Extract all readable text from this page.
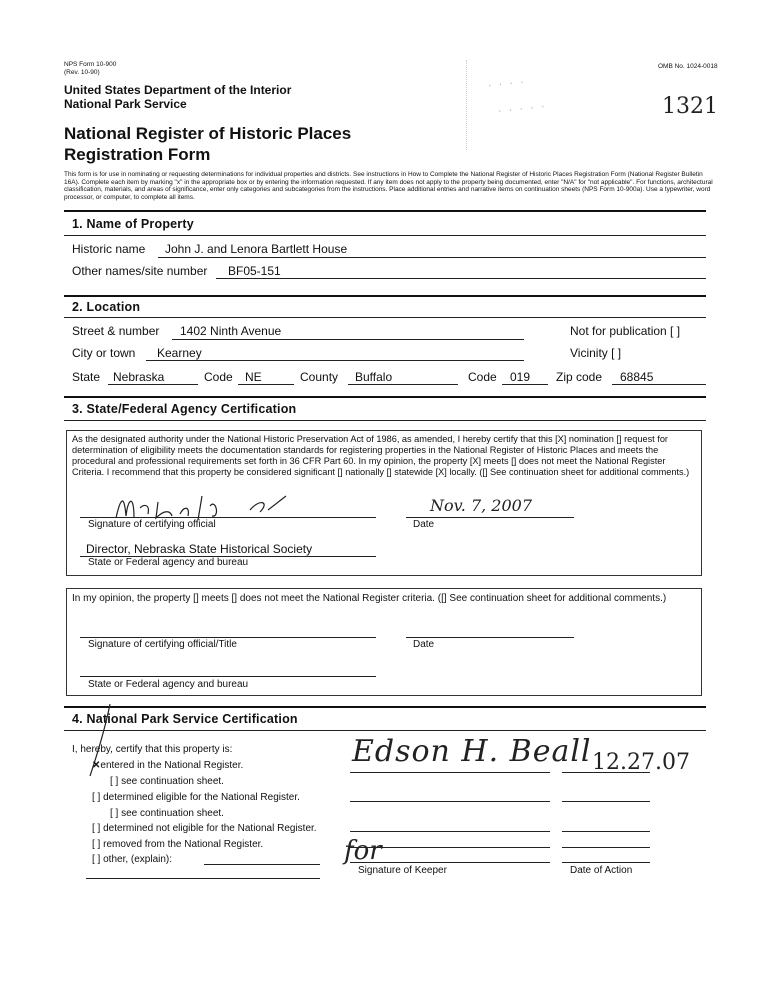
NPS Form 10-900
(Rev. 10-90)
OMB No. 1024-0018
United States Department of the Interior
National Park Service
National Register of Historic Places
Registration Form
1321
· · · ·
· · · · ·
This form is for use in nominating or requesting determinations for individual properties and districts. See instructions in How to Complete the National Register of Historic Places Registration Form (National Register Bulletin 16A). Complete each item by marking "x" in the appropriate box or by entering the information requested. If any item does not apply to the property being documented, enter "N/A" for "not applicable". For functions, architectural classification, materials, and areas of significance, enter only categories and subcategories from the instructions. Place additional entries and narrative items on continuation sheets (NPS Form 10-900a). Use a typewriter, word processor, or computer, to complete all items.
1. Name of Property
Historic name John J. and Lenora Bartlett House
Other names/site number BF05-151
2. Location
Street & number 1402 Ninth Avenue	Not for publication [ ]
City or town Kearney	Vicinity [ ]
State Nebraska	Code NE	County Buffalo	Code 019 Zip code 68845
3. State/Federal Agency Certification
As the designated authority under the National Historic Preservation Act of 1986, as amended, I hereby certify that this [X] nomination [] request for determination of eligibility meets the documentation standards for registering properties in the National Register of Historic Places and meets the procedural and professional requirements set forth in 36 CFR Part 60. In my opinion, the property [X] meets [] does not meet the National Register Criteria. I recommend that this property be considered significant [] nationally [] statewide [X] locally. ([] See continuation sheet for additional comments.)
Nov. 7, 2007
Signature of certifying official	Date
Director, Nebraska State Historical Society
State or Federal agency and bureau
In my opinion, the property [] meets [] does not meet the National Register criteria. ([] See continuation sheet for additional comments.)
Signature of certifying official/Title	Date
State or Federal agency and bureau
4. National Park Service Certification
I, hereby, certify that this property is:
✕entered in the National Register.
[ ] see continuation sheet.
[ ] determined eligible for the National Register.
[ ] see continuation sheet.
[ ] determined not eligible for the National Register.
[ ] removed from the National Register.
[ ] other, (explain):
Edson H. Beall 12.27.07
for
Signature of Keeper	Date of Action
